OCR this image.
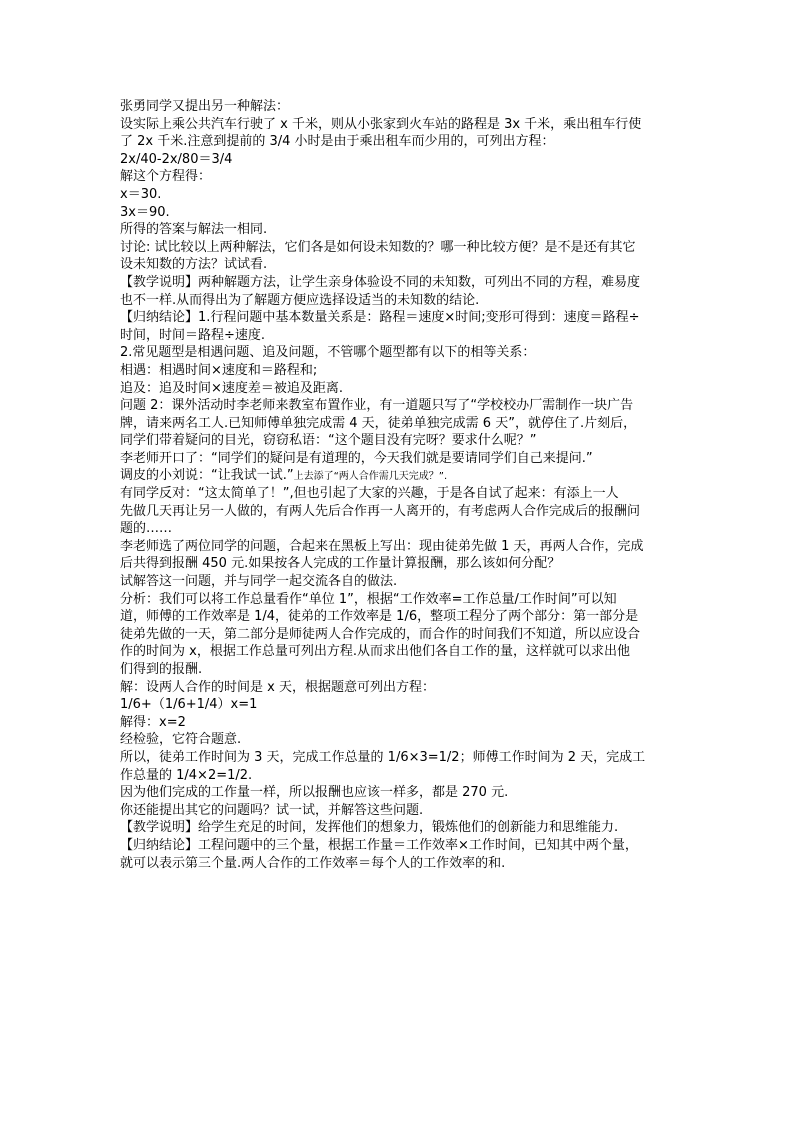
张勇同学又提出另一种解法：
设实际上乘公共汽车行驶了 x 千米，则从小张家到火车站的路程是 3x 千米，乘出租车行使
了 2x 千米.注意到提前的 3/4 小时是由于乘出租车而少用的，可列出方程：
2x/40-2x/80＝3/4
解这个方程得：
x＝30.
3x＝90.
所得的答案与解法一相同.
讨论: 试比较以上两种解法，它们各是如何设未知数的？哪一种比较方便？是不是还有其它
设未知数的方法？试试看.
【教学说明】两种解题方法，让学生亲身体验设不同的未知数，可列出不同的方程，难易度
也不一样.从而得出为了解题方便应选择设适当的未知数的结论.
【归纳结论】1.行程问题中基本数量关系是：路程＝速度×时间;变形可得到：速度＝路程÷
时间，时间＝路程÷速度.
2.常见题型是相遇问题、追及问题，不管哪个题型都有以下的相等关系：
相遇：相遇时间×速度和＝路程和;
追及：追及时间×速度差＝被追及距离.
问题 2：课外活动时李老师来教室布置作业，有一道题只写了“学校校办厂需制作一块广告
牌，请来两名工人.已知师傅单独完成需 4 天，徒弟单独完成需 6 天”，就停住了.片刻后，
同学们带着疑问的目光，窃窃私语：“这个题目没有完呀？要求什么呢？”
李老师开口了：“同学们的疑问是有道理的，今天我们就是要请同学们自己来提问.”
调皮的小刘说：“让我试一试.”上去添了“两人合作需几天完成？”.
有同学反对：“这太简单了！”,但也引起了大家的兴趣，于是各自试了起来：有添上一人
先做几天再让另一人做的，有两人先后合作再一人离开的，有考虑两人合作完成后的报酬问
题的……
李老师选了两位同学的问题，合起来在黑板上写出：现由徒弟先做 1 天，再两人合作，完成
后共得到报酬 450 元.如果按各人完成的工作量计算报酬，那么该如何分配？
试解答这一问题，并与同学一起交流各自的做法.
分析：我们可以将工作总量看作“单位 1”，根据“工作效率=工作总量/工作时间”可以知
道，师傅的工作效率是 1/4，徒弟的工作效率是 1/6，整项工程分了两个部分：第一部分是
徒弟先做的一天，第二部分是师徒两人合作完成的，而合作的时间我们不知道，所以应设合
作的时间为 x，根据工作总量可列出方程.从而求出他们各自工作的量，这样就可以求出他
们得到的报酬.
解：设两人合作的时间是 x 天，根据题意可列出方程：
1/6+（1/6+1/4）x=1
解得：x=2
经检验，它符合题意.
所以，徒弟工作时间为 3 天，完成工作总量的 1/6×3=1/2；师傅工作时间为 2 天，完成工
作总量的 1/4×2=1/2.
因为他们完成的工作量一样，所以报酬也应该一样多，都是 270 元.
你还能提出其它的问题吗？试一试，并解答这些问题.
【教学说明】给学生充足的时间，发挥他们的想象力，锻炼他们的创新能力和思维能力.
【归纳结论】工程问题中的三个量，根据工作量＝工作效率×工作时间，已知其中两个量，
就可以表示第三个量.两人合作的工作效率＝每个人的工作效率的和.
